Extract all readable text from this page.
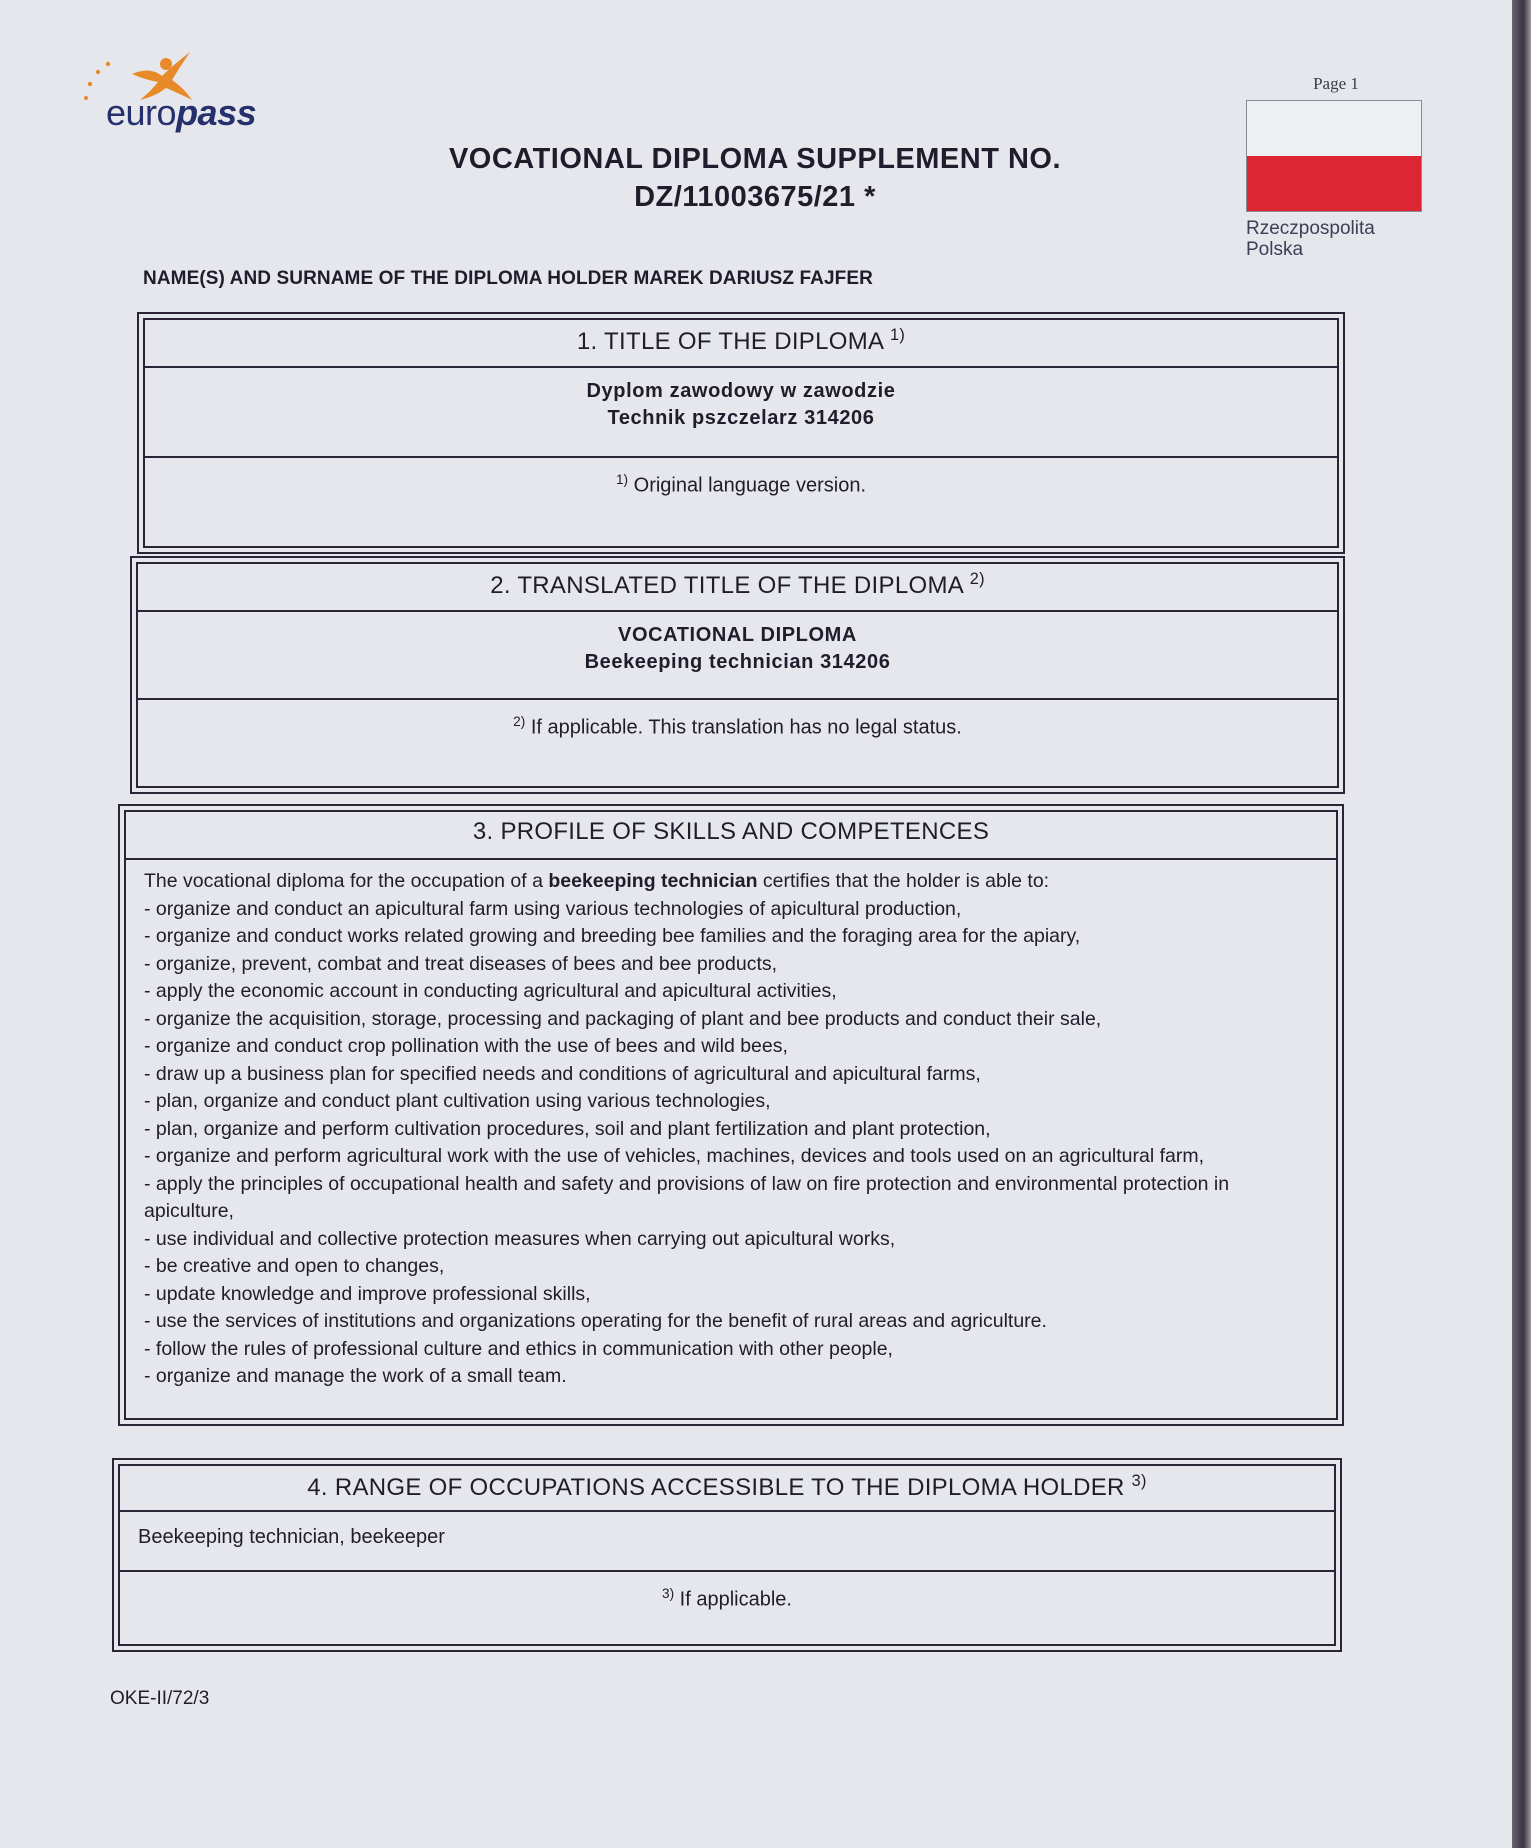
europass
VOCATIONAL DIPLOMA SUPPLEMENT NO.
DZ/11003675/21 *
Page 1
Rzeczpospolita
Polska
NAME(S) AND SURNAME OF THE DIPLOMA HOLDER MAREK DARIUSZ FAJFER
1. TITLE OF THE DIPLOMA $^{1)}$
Dyplom zawodowy w zawodzie
Technik pszczelarz 314206
$^{1)}$ Original language version.
2. TRANSLATED TITLE OF THE DIPLOMA $^{2)}$
VOCATIONAL DIPLOMA
Beekeeping technician 314206
$^{2)}$ If applicable. This translation has no legal status.
3. PROFILE OF SKILLS AND COMPETENCES
The vocational diploma for the occupation of a beekeeping technician certifies that the holder is able to:
- organize and conduct an apicultural farm using various technologies of apicultural production,
- organize and conduct works related growing and breeding bee families and the foraging area for the apiary,
- organize, prevent, combat and treat diseases of bees and bee products,
- apply the economic account in conducting agricultural and apicultural activities,
- organize the acquisition, storage, processing and packaging of plant and bee products and conduct their sale,
- organize and conduct crop pollination with the use of bees and wild bees,
- draw up a business plan for specified needs and conditions of agricultural and apicultural farms,
- plan, organize and conduct plant cultivation using various technologies,
- plan, organize and perform cultivation procedures, soil and plant fertilization and plant protection,
- organize and perform agricultural work with the use of vehicles, machines, devices and tools used on an agricultural farm,
- apply the principles of occupational health and safety and provisions of law on fire protection and environmental protection in apiculture,
- use individual and collective protection measures when carrying out apicultural works,
- be creative and open to changes,
- update knowledge and improve professional skills,
- use the services of institutions and organizations operating for the benefit of rural areas and agriculture.
- follow the rules of professional culture and ethics in communication with other people,
- organize and manage the work of a small team.
4. RANGE OF OCCUPATIONS ACCESSIBLE TO THE DIPLOMA HOLDER $^{3)}$
Beekeeping technician, beekeeper
$^{3)}$ If applicable.
OKE-II/72/3
